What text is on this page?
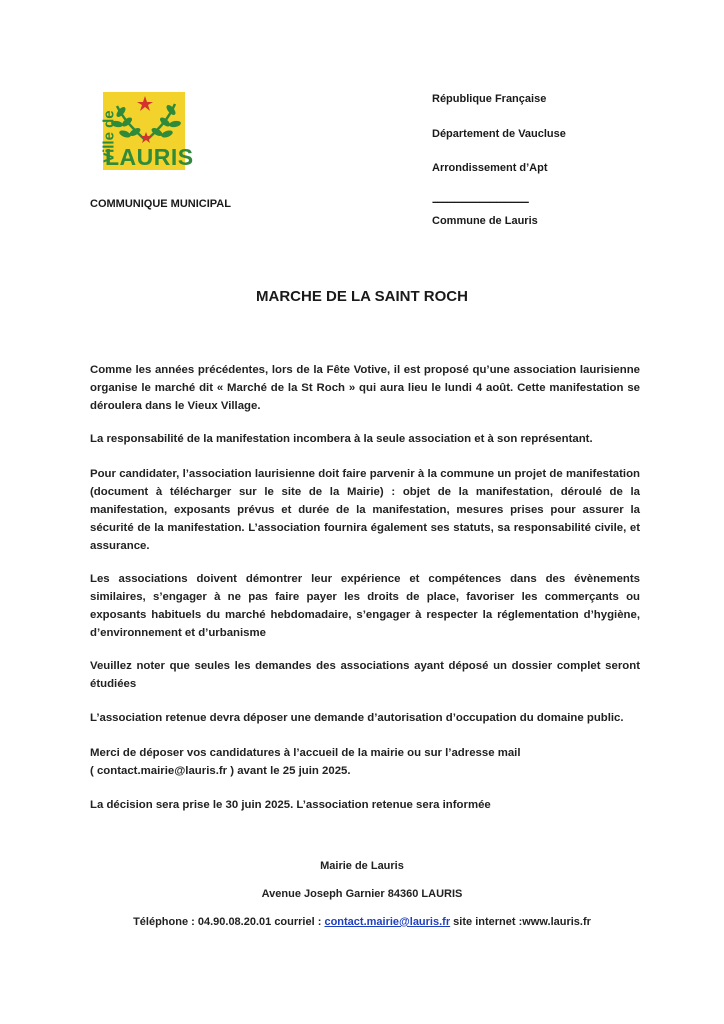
Ville de
LAURIS
COMMUNIQUE MUNICIPAL
République Française
Département de Vaucluse
Arrondissement d’Apt
---------------------------------------
Commune de Lauris
MARCHE DE LA SAINT ROCH

Comme les années précédentes, lors de la Fête Votive, il est proposé qu’une association laurisienne organise le marché dit « Marché de la St Roch » qui aura lieu le lundi 4 août. Cette manifestation se déroulera dans le Vieux Village.

La responsabilité de la manifestation incombera à la seule association et à son représentant.

Pour candidater, l’association laurisienne doit faire parvenir à la commune un projet de manifestation (document à télécharger sur le site de la Mairie) : objet de la manifestation, déroulé de la manifestation, exposants prévus et durée de la manifestation, mesures prises pour assurer la sécurité de la manifestation. L’association fournira également ses statuts, sa responsabilité civile, et assurance.

Les associations doivent démontrer leur expérience et compétences dans des évènements similaires, s’engager à ne pas faire payer les droits de place, favoriser les commerçants ou exposants habituels du marché hebdomadaire, s’engager à respecter la réglementation d’hygiène, d’environnement et d’urbanisme

Veuillez noter que seules les demandes des associations ayant déposé un dossier complet seront étudiées

L’association retenue devra déposer une demande d’autorisation d’occupation du domaine public.

Merci de déposer vos candidatures à l’accueil de la mairie ou sur l’adresse mail

( contact.mairie@lauris.fr ) avant le 25 juin 2025.

La décision sera prise le 30 juin 2025. L’association retenue sera informée

Mairie de Lauris
Avenue Joseph Garnier 84360 LAURIS
Téléphone : 04.90.08.20.01 courriel : contact.mairie@lauris.fr site internet :www.lauris.fr
